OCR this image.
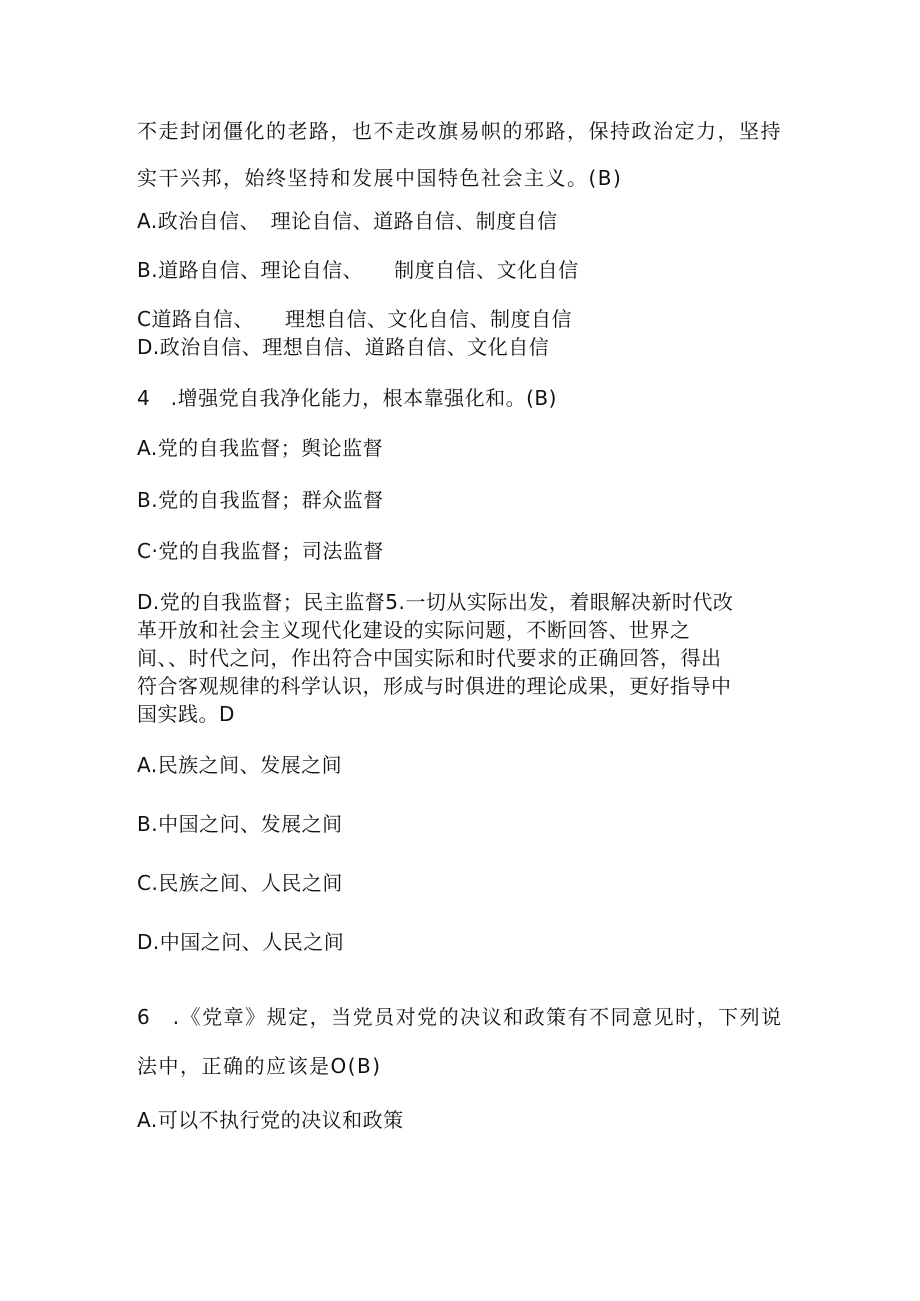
不走封闭僵化的老路，也不走改旗易帜的邪路，保持政治定力，坚持
实干兴邦，始终坚持和发展中国特色社会主义。(B)
A.政治自信、　理论自信、道路自信、制度自信
B.道路自信、理论自信、　　制度自信、文化自信
C道路自信、　　理想自信、文化自信、制度自信
D.政治自信、理想自信、道路自信、文化自信
4　.增强党自我净化能力，根本靠强化和。(B)
A.党的自我监督；舆论监督
B.党的自我监督；群众监督
C·党的自我监督；司法监督
D.党的自我监督；民主监督5.一切从实际出发，着眼解决新时代改
革开放和社会主义现代化建设的实际问题，不断回答、世界之
间、、时代之问，作出符合中国实际和时代要求的正确回答，得出
符合客观规律的科学认识，形成与时俱进的理论成果，更好指导中
国实践。D
A.民族之间、发展之间
B.中国之问、发展之间
C.民族之间、人民之间
D.中国之问、人民之间
6　.《党章》规定，当党员对党的决议和政策有不同意见时，下列说
法中，正确的应该是O(B)
A.可以不执行党的决议和政策
